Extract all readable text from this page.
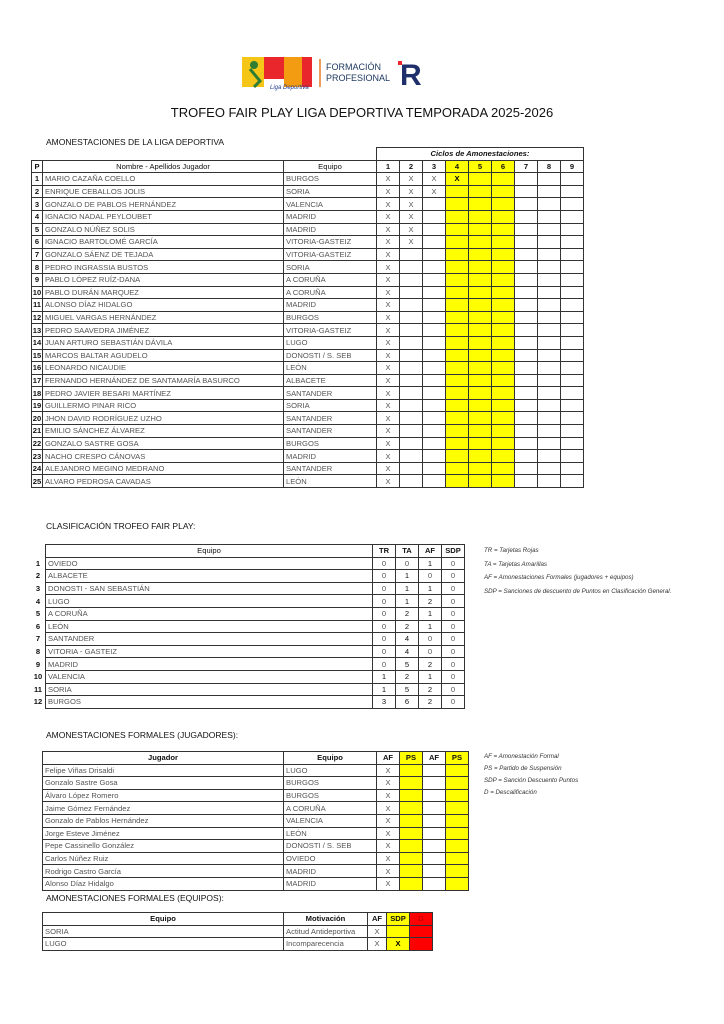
Liga Deportiva
FORMACIÓN
PROFESIONAL R
TROFEO FAIR PLAY LIGA DEPORTIVA TEMPORADA 2025-2026
AMONESTACIONES DE LA LIGA DEPORTIVA
			Ciclos de Amonestaciones:								
P	Nombre - Apellidos Jugador	Equipo	1	2	3	4	5	6	7	8	9
1	MARIO CAZAÑA COELLO	BURGOS	X	X	X	X					
2	ENRIQUE CEBALLOS JOLIS	SORIA	X	X	X						
3	GONZALO DE PABLOS HERNÁNDEZ	VALENCIA	X	X							
4	IGNACIO NADAL PEYLOUBET	MADRID	X	X							
5	GONZALO NÚÑEZ SOLIS	MADRID	X	X							
6	IGNACIO BARTOLOMÉ GARCÍA	VITORIA-GASTEIZ	X	X							
7	GONZALO SÁENZ DE TEJADA	VITORIA-GASTEIZ	X								
8	PEDRO INGRASSIA BUSTOS	SORIA	X								
9	PABLO LÓPEZ RUÍZ-DANA	A CORUÑA	X								
10	PABLO DURÁN MARQUEZ	A CORUÑA	X								
11	ALONSO DÍAZ HIDALGO	MADRID	X								
12	MIGUEL VARGAS HERNÁNDEZ	BURGOS	X								
13	PEDRO SAAVEDRA JIMÉNEZ	VITORIA-GASTEIZ	X								
14	JUAN ARTURO SEBASTIÁN DÁVILA	LUGO	X								
15	MARCOS BALTAR AGUDELO	DONOSTI / S. SEB	X								
16	LEONARDO NICAUDIE	LEÓN	X								
17	FERNANDO HERNÁNDEZ DE SANTAMARÍA BASURCO	ALBACETE	X								
18	PEDRO JAVIER BESARI MARTÍNEZ	SANTANDER	X								
19	GUILLERMO PINAR RICO	SORIA	X								
20	JHON DAVID RODRÍGUEZ UZHO	SANTANDER	X								
21	EMILIO SÁNCHEZ ÁLVAREZ	SANTANDER	X								
22	GONZALO SASTRE GOSA	BURGOS	X								
23	NACHO CRESPO CÁNOVAS	MADRID	X								
24	ALEJANDRO MEGINO MEDRANO	SANTANDER	X								
25	ALVARO PEDROSA CAVADAS	LEÓN	X								
CLASIFICACIÓN TROFEO FAIR PLAY:
	Equipo	TR	TA	AF	SDP
1	OVIEDO	0	0	1	0
2	ALBACETE	0	1	0	0
3	DONOSTI - SAN SEBASTIÁN	0	1	1	0
4	LUGO	0	1	2	0
5	A CORUÑA	0	2	1	0
6	LEÓN	0	2	1	0
7	SANTANDER	0	4	0	0
8	VITORIA - GASTEIZ	0	4	0	0
9	MADRID	0	5	2	0
10	VALENCIA	1	2	1	0
11	SORIA	1	5	2	0
12	BURGOS	3	6	2	0
TR = Tarjetas Rojas
TA = Tarjetas Amarillas
AF = Amonestaciones Formales (jugadores + equipos)
SDP = Sanciones de descuento de Puntos en Clasificación General.
AMONESTACIONES FORMALES (JUGADORES):
Jugador	Equipo	AF	PS	AF	PS
Felipe Viñas Drisaldi	LUGO	X			
Gonzalo Sastre Gosa	BURGOS	X			
Álvaro López Romero	BURGOS	X			
Jaime Gómez Fernández	A CORUÑA	X			
Gonzalo de Pablos Hernández	VALENCIA	X			
Jorge Esteve Jiménez	LEÓN	X			
Pepe Cassinello González	DONOSTI / S. SEB	X			
Carlos Núñez Ruiz	OVIEDO	X			
Rodrigo Castro García	MADRID	X			
Alonso Díaz Hidalgo	MADRID	X			
AF = Amonestación Formal
PS = Partido de Suspensión
SDP = Sanción Descuento Puntos
D = Descalificación
AMONESTACIONES FORMALES (EQUIPOS):
Equipo	Motivación	AF	SDP	D
SORIA	Actitud Antideportiva	X		
LUGO	Incomparecencia	X	X	
